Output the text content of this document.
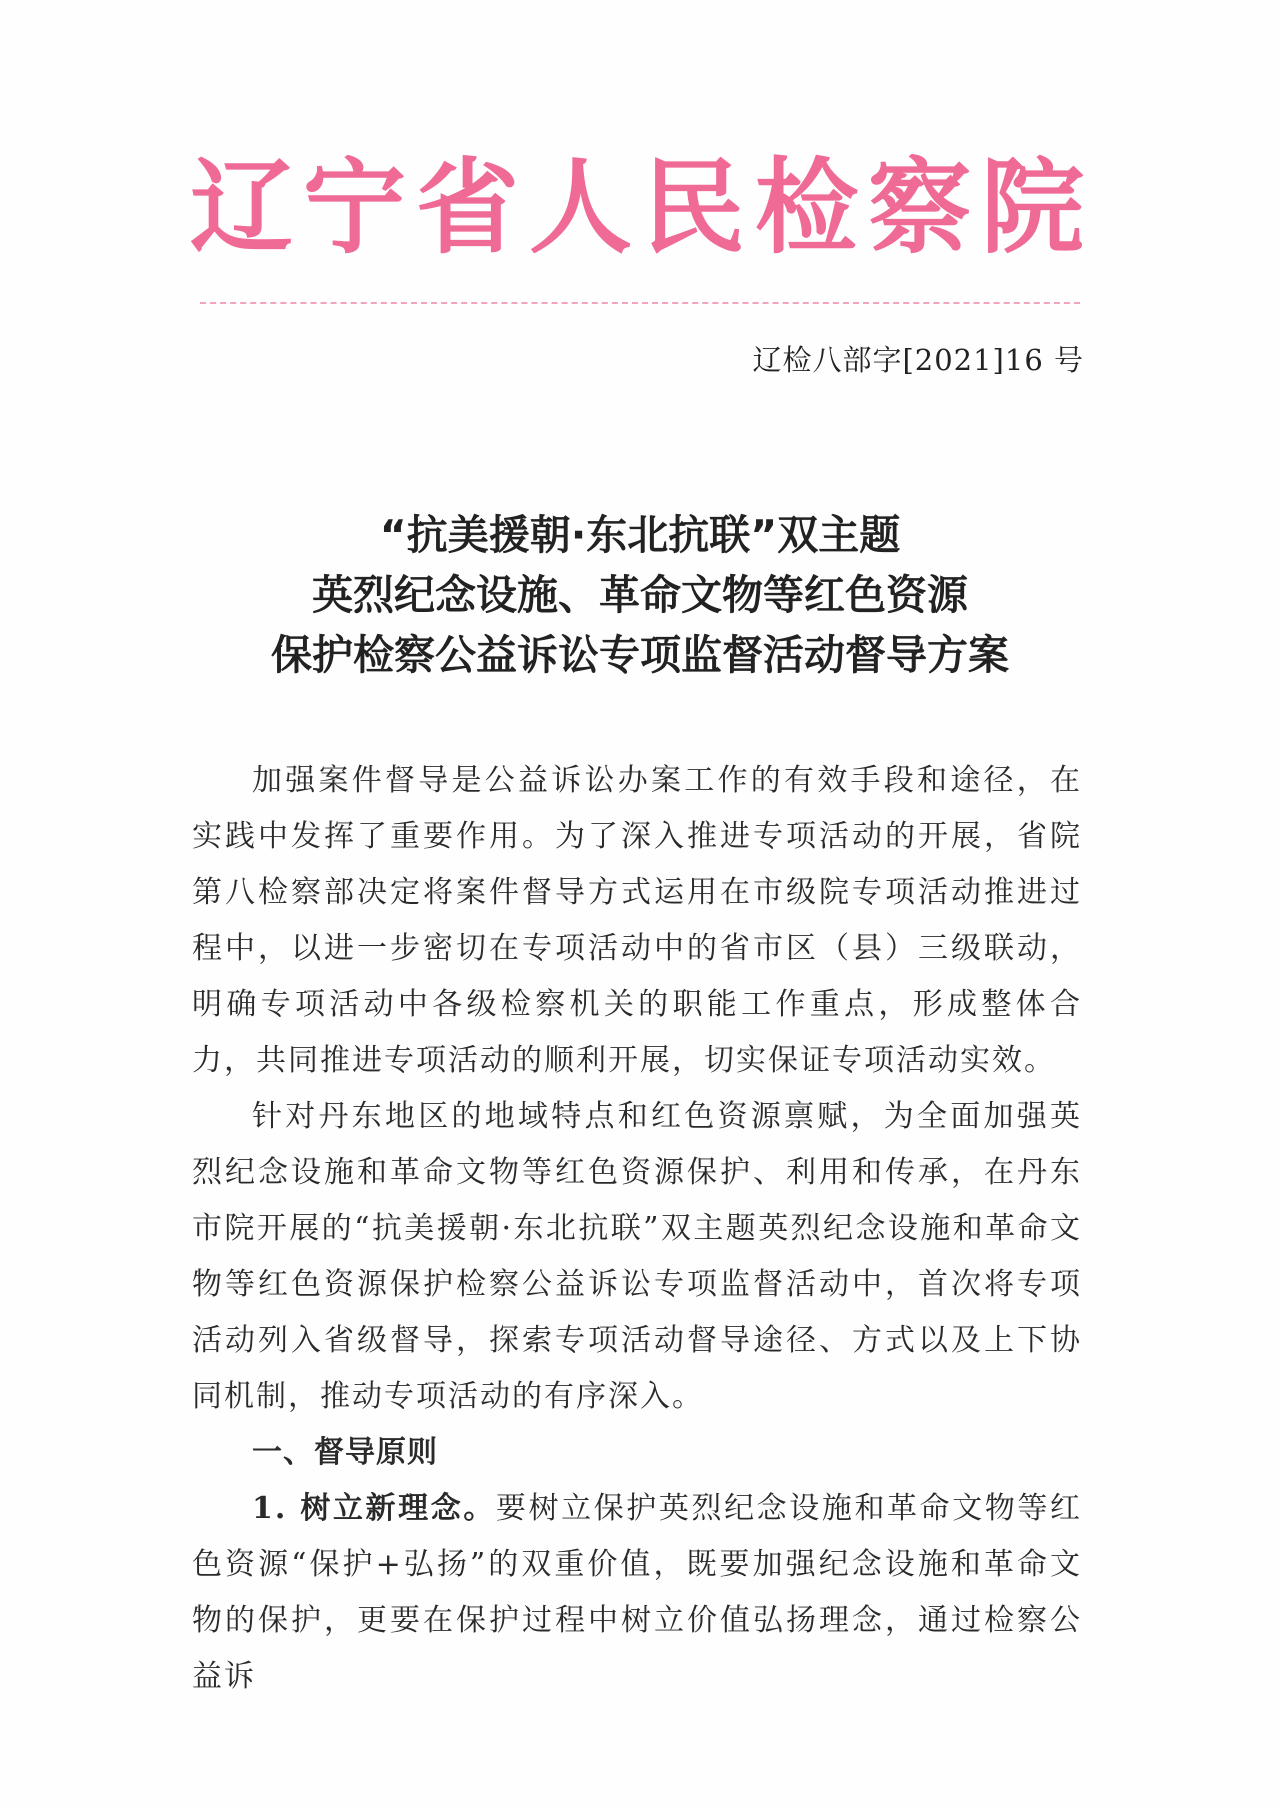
辽宁省人民检察院
辽检八部字[2021]16 号
“抗美援朝·东北抗联”双主题
英烈纪念设施、革命文物等红色资源
保护检察公益诉讼专项监督活动督导方案

加强案件督导是公益诉讼办案工作的有效手段和途径，在实践中发挥了重要作用。为了深入推进专项活动的开展，省院第八检察部决定将案件督导方式运用在市级院专项活动推进过程中，以进一步密切在专项活动中的省市区（县）三级联动，明确专项活动中各级检察机关的职能工作重点，形成整体合力，共同推进专项活动的顺利开展，切实保证专项活动实效。

针对丹东地区的地域特点和红色资源禀赋，为全面加强英烈纪念设施和革命文物等红色资源保护、利用和传承，在丹东市院开展的“抗美援朝·东北抗联”双主题英烈纪念设施和革命文物等红色资源保护检察公益诉讼专项监督活动中，首次将专项活动列入省级督导，探索专项活动督导途径、方式以及上下协同机制，推动专项活动的有序深入。

一、督导原则

1. 树立新理念。要树立保护英烈纪念设施和革命文物等红色资源“保护+弘扬”的双重价值，既要加强纪念设施和革命文物的保护，更要在保护过程中树立价值弘扬理念，通过检察公益诉
